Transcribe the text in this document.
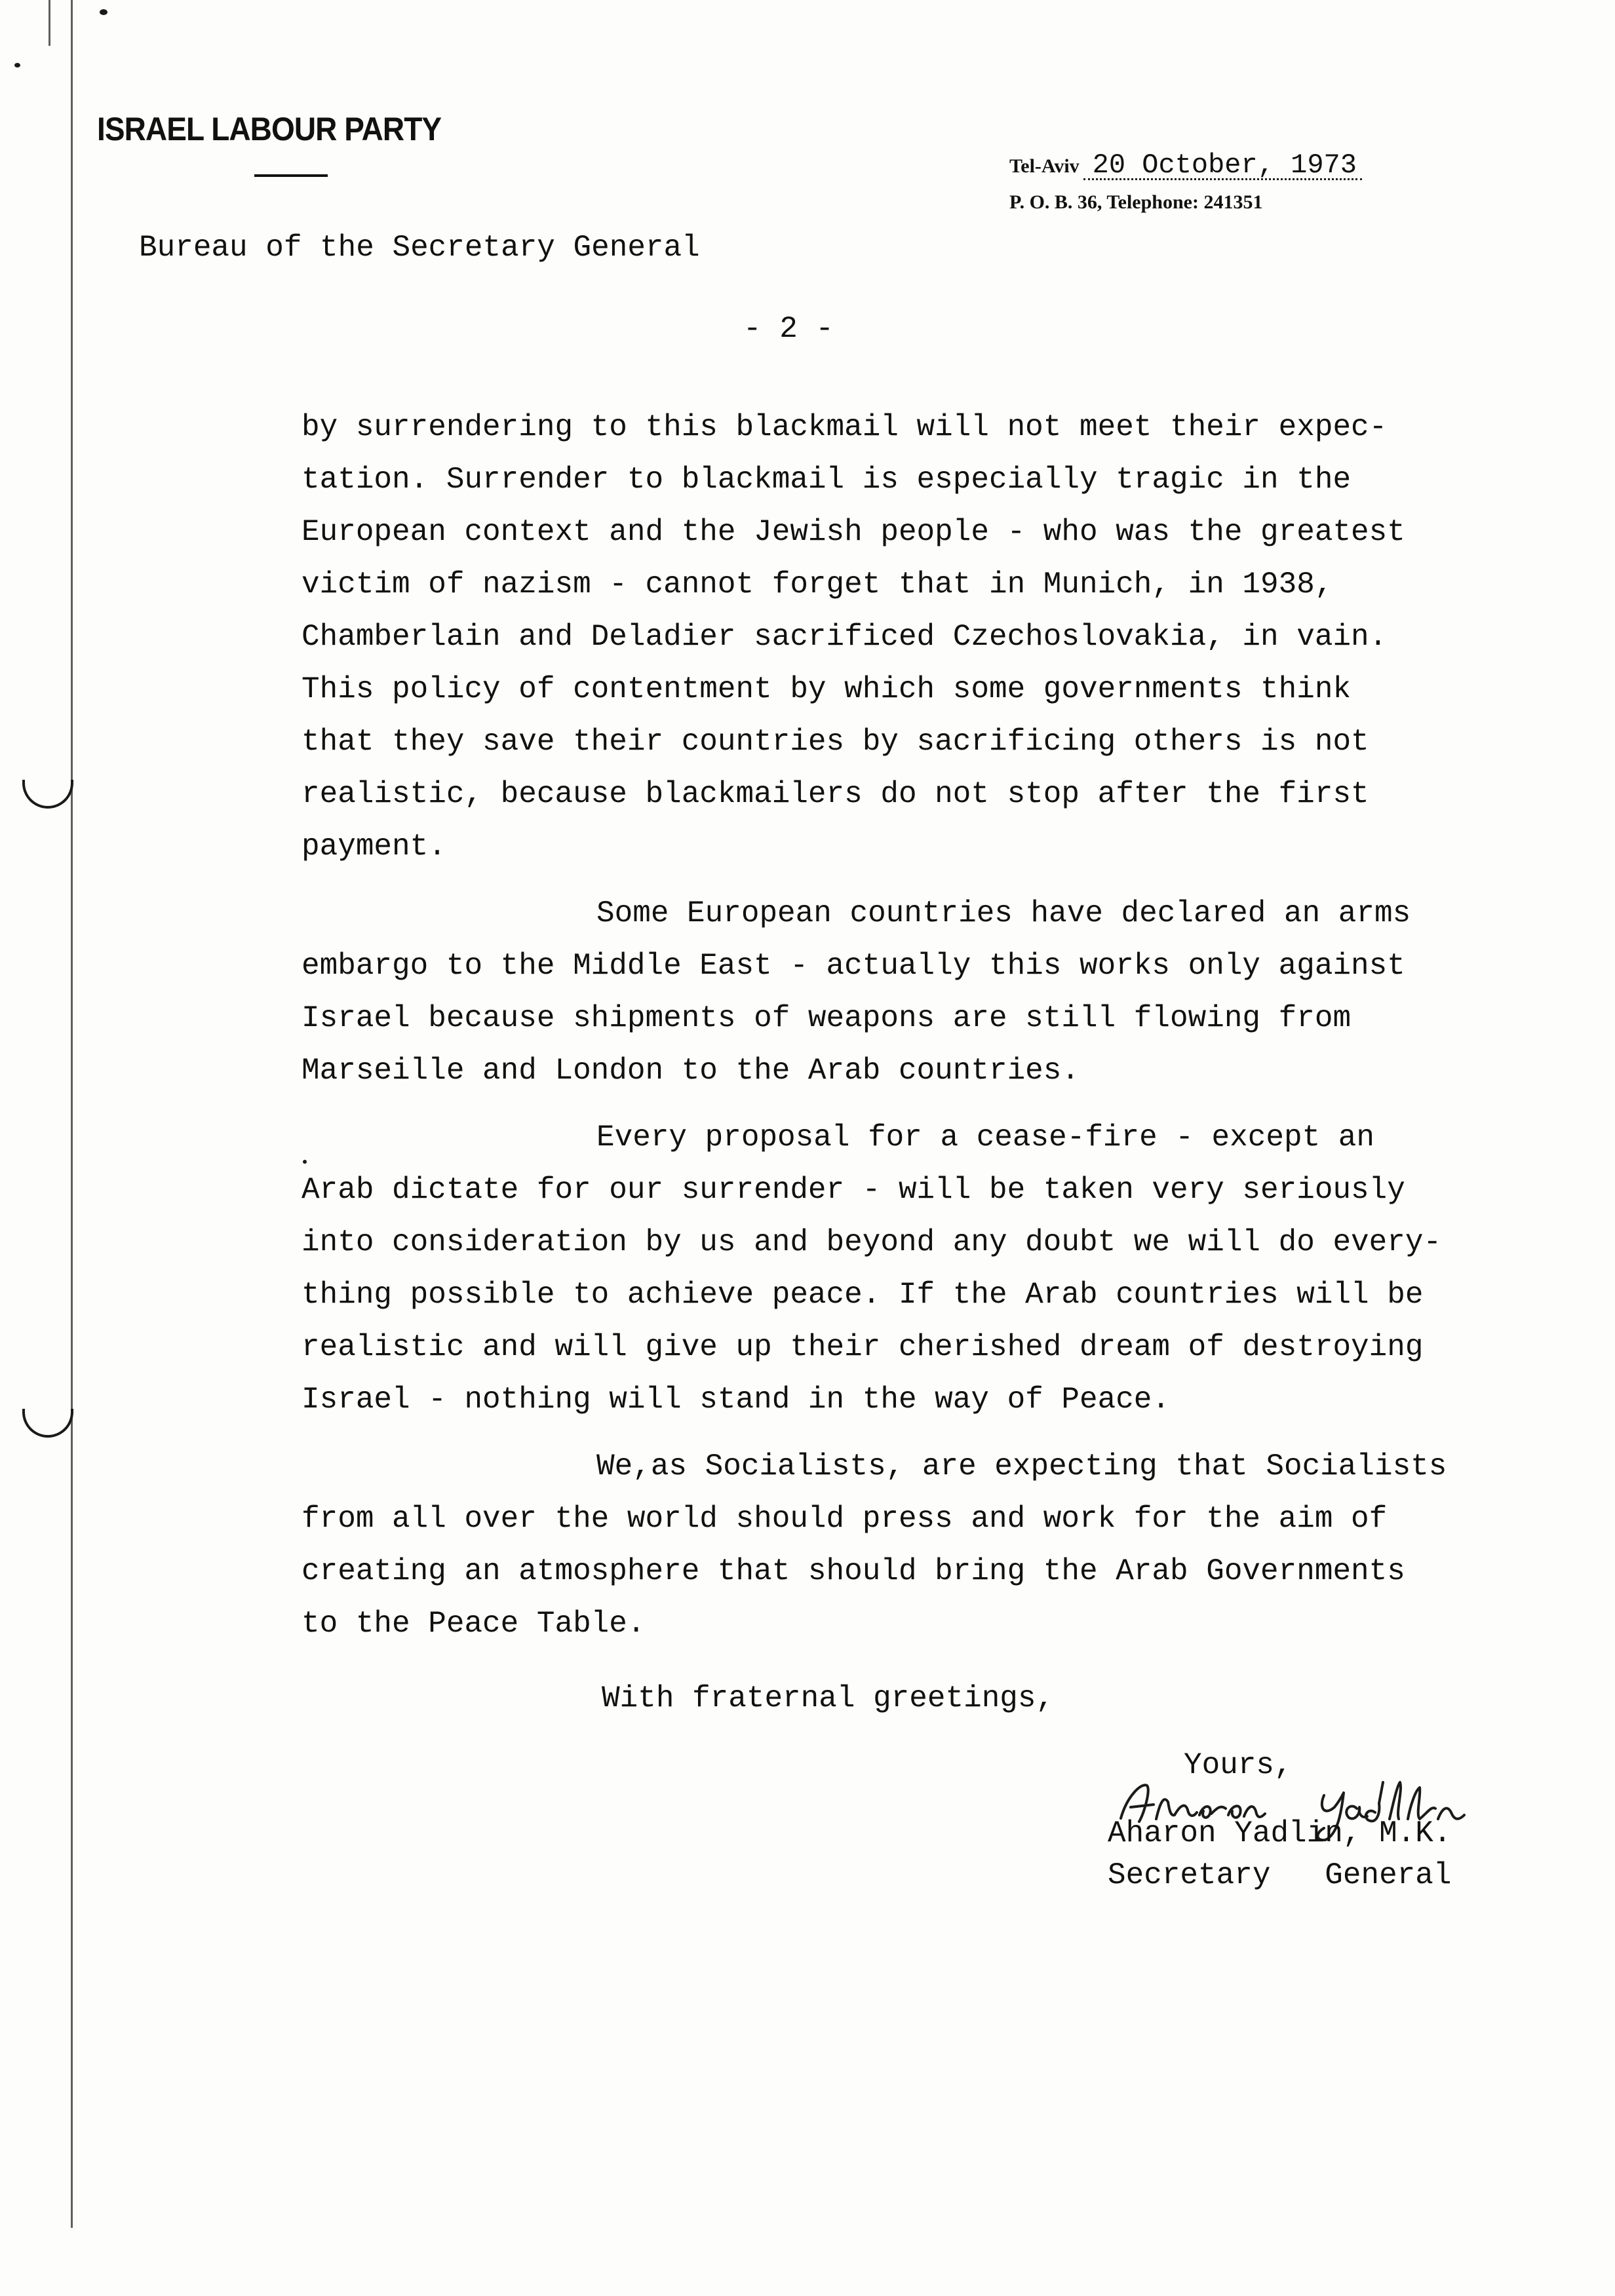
ISRAEL LABOUR PARTY
Tel-Aviv 20 October, 1973
P. O. B. 36, Telephone: 241351
Bureau of the Secretary General
- 2 -

by surrendering to this blackmail will not meet their expec-
tation. Surrender to blackmail is especially tragic in the
European context and the Jewish people - who was the greatest
victim of nazism - cannot forget that in Munich, in 1938,
Chamberlain and Deladier sacrificed Czechoslovakia, in vain.
This policy of contentment by which some governments think
that they save their countries by sacrificing others is not
realistic, because blackmailers do not stop after the first
payment.

Some European countries have declared an arms
embargo to the Middle East - actually this works only against
Israel because shipments of weapons are still flowing from
Marseille and London to the Arab countries.

Every proposal for a cease-fire - except an
Arab dictate for our surrender - will be taken very seriously
into consideration by us and beyond any doubt we will do every-
thing possible to achieve peace. If the Arab countries will be
realistic and will give up their cherished dream of destroying
Israel - nothing will stand in the way of Peace.

We,as Socialists, are expecting that Socialists
from all over the world should press and work for the aim of
creating an atmosphere that should bring the Arab Governments
to the Peace Table.

With fraternal greetings,
Yours,
Aharon Yadlin, M.K.
Secretary   General
